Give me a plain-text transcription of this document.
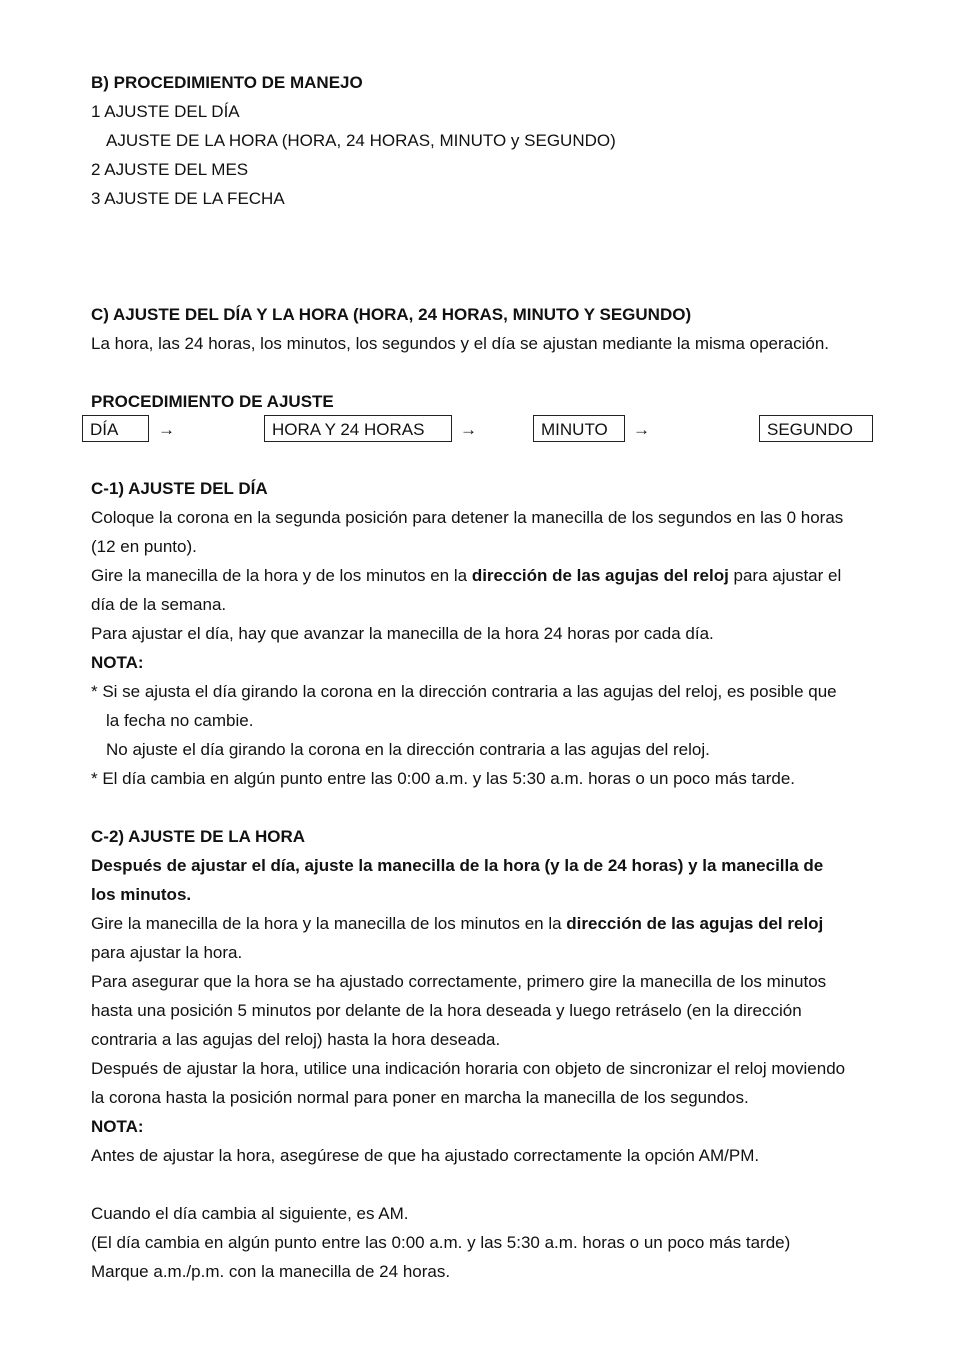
B) PROCEDIMIENTO DE MANEJO
1 AJUSTE DEL DÍA
AJUSTE DE LA HORA (HORA, 24 HORAS, MINUTO y SEGUNDO)
2 AJUSTE DEL MES
3 AJUSTE DE LA FECHA
C) AJUSTE DEL DÍA Y LA HORA (HORA, 24 HORAS, MINUTO Y SEGUNDO)
La hora, las 24 horas, los minutos, los segundos y el día se ajustan mediante la misma operación.
PROCEDIMIENTO DE AJUSTE
C-1) AJUSTE DEL DÍA
Coloque la corona en la segunda posición para detener la manecilla de los segundos en las 0 horas
(12 en punto).
Gire la manecilla de la hora y de los minutos en la dirección de las agujas del reloj para ajustar el
día de la semana.
Para ajustar el día, hay que avanzar la manecilla de la hora 24 horas por cada día.
NOTA:
* Si se ajusta el día girando la corona en la dirección contraria a las agujas del reloj, es posible que
la fecha no cambie.
No ajuste el día girando la corona en la dirección contraria a las agujas del reloj.
* El día cambia en algún punto entre las 0:00 a.m. y las 5:30 a.m. horas o un poco más tarde.
C-2) AJUSTE DE LA HORA
Después de ajustar el día, ajuste la manecilla de la hora (y la de 24 horas) y la manecilla de
los minutos.
Gire la manecilla de la hora y la manecilla de los minutos en la dirección de las agujas del reloj
para ajustar la hora.
Para asegurar que la hora se ha ajustado correctamente, primero gire la manecilla de los minutos
hasta una posición 5 minutos por delante de la hora deseada y luego retráselo (en la dirección
contraria a las agujas del reloj) hasta la hora deseada.
Después de ajustar la hora, utilice una indicación horaria con objeto de sincronizar el reloj moviendo
la corona hasta la posición normal para poner en marcha la manecilla de los segundos.
NOTA:
Antes de ajustar la hora, asegúrese de que ha ajustado correctamente la opción AM/PM.
Cuando el día cambia al siguiente, es AM.
(El día cambia en algún punto entre las 0:00 a.m. y las 5:30 a.m. horas o un poco más tarde)
Marque a.m./p.m. con la manecilla de 24 horas.
DÍA	→	HORA Y 24 HORAS	→	MINUTO	→	SEGUNDO
